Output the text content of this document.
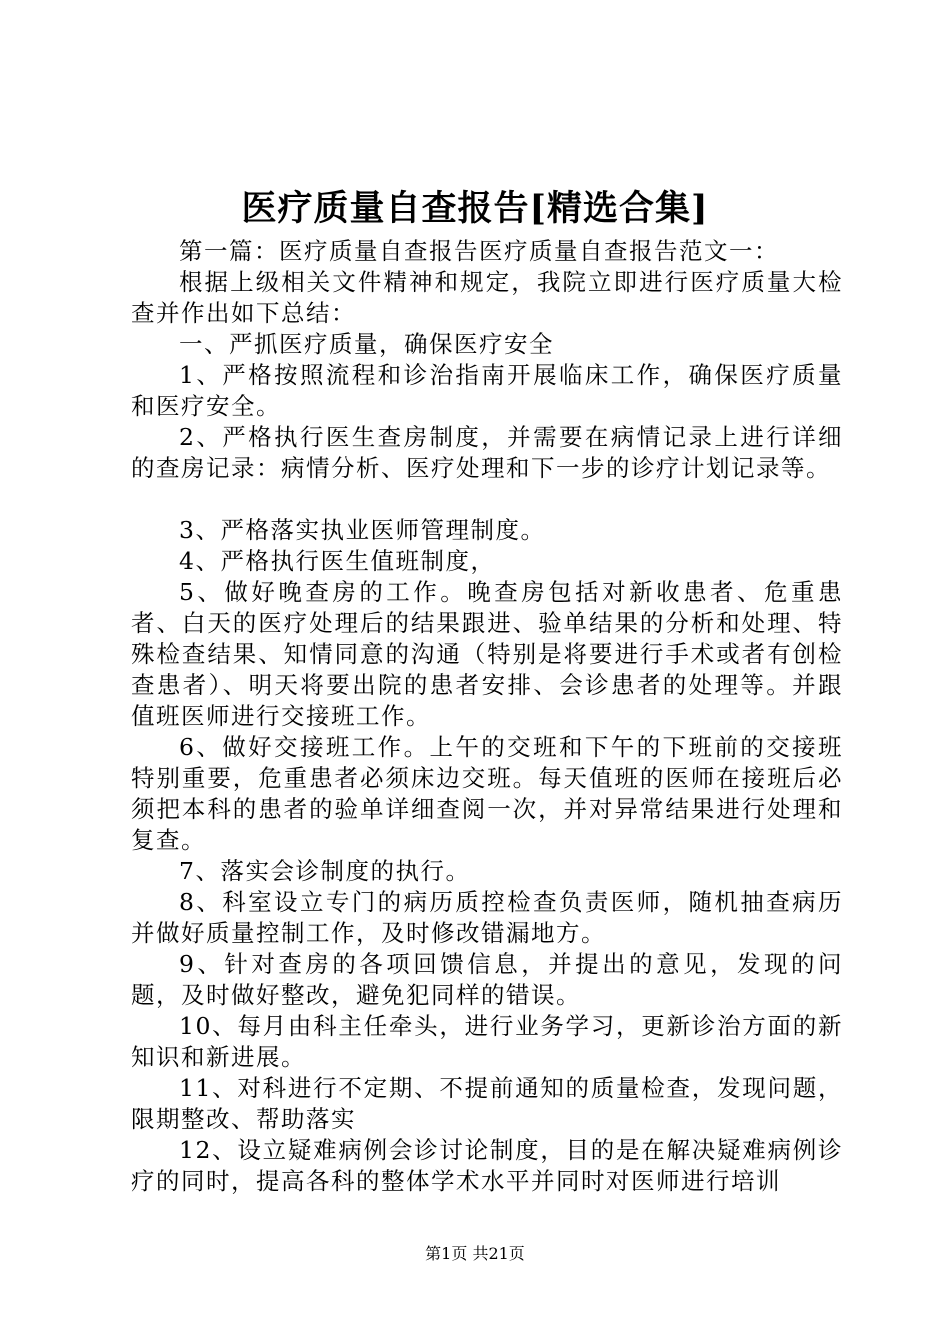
医疗质量自查报告[精选合集]

第一篇：医疗质量自查报告医疗质量自查报告范文一：

根据上级相关文件精神和规定，我院立即进行医疗质量大检查并作出如下总结：

一、严抓医疗质量，确保医疗安全

1、严格按照流程和诊治指南开展临床工作，确保医疗质量和医疗安全。

2、严格执行医生查房制度，并需要在病情记录上进行详细的查房记录：病情分析、医疗处理和下一步的诊疗计划记录等。

3、严格落实执业医师管理制度。

4、严格执行医生值班制度，

5、做好晚查房的工作。晚查房包括对新收患者、危重患者、白天的医疗处理后的结果跟进、验单结果的分析和处理、特殊检查结果、知情同意的沟通（特别是将要进行手术或者有创检查患者）、明天将要出院的患者安排、会诊患者的处理等。并跟值班医师进行交接班工作。

6、做好交接班工作。上午的交班和下午的下班前的交接班特别重要，危重患者必须床边交班。每天值班的医师在接班后必须把本科的患者的验单详细查阅一次，并对异常结果进行处理和复查。

7、落实会诊制度的执行。

8、科室设立专门的病历质控检查负责医师，随机抽查病历并做好质量控制工作，及时修改错漏地方。

9、针对查房的各项回馈信息，并提出的意见，发现的问题，及时做好整改，避免犯同样的错误。

10、每月由科主任牵头，进行业务学习，更新诊治方面的新知识和新进展。

11、对科进行不定期、不提前通知的质量检查，发现问题，限期整改、帮助落实

12、设立疑难病例会诊讨论制度，目的是在解决疑难病例诊疗的同时，提高各科的整体学术水平并同时对医师进行培训

第1页 共21页
